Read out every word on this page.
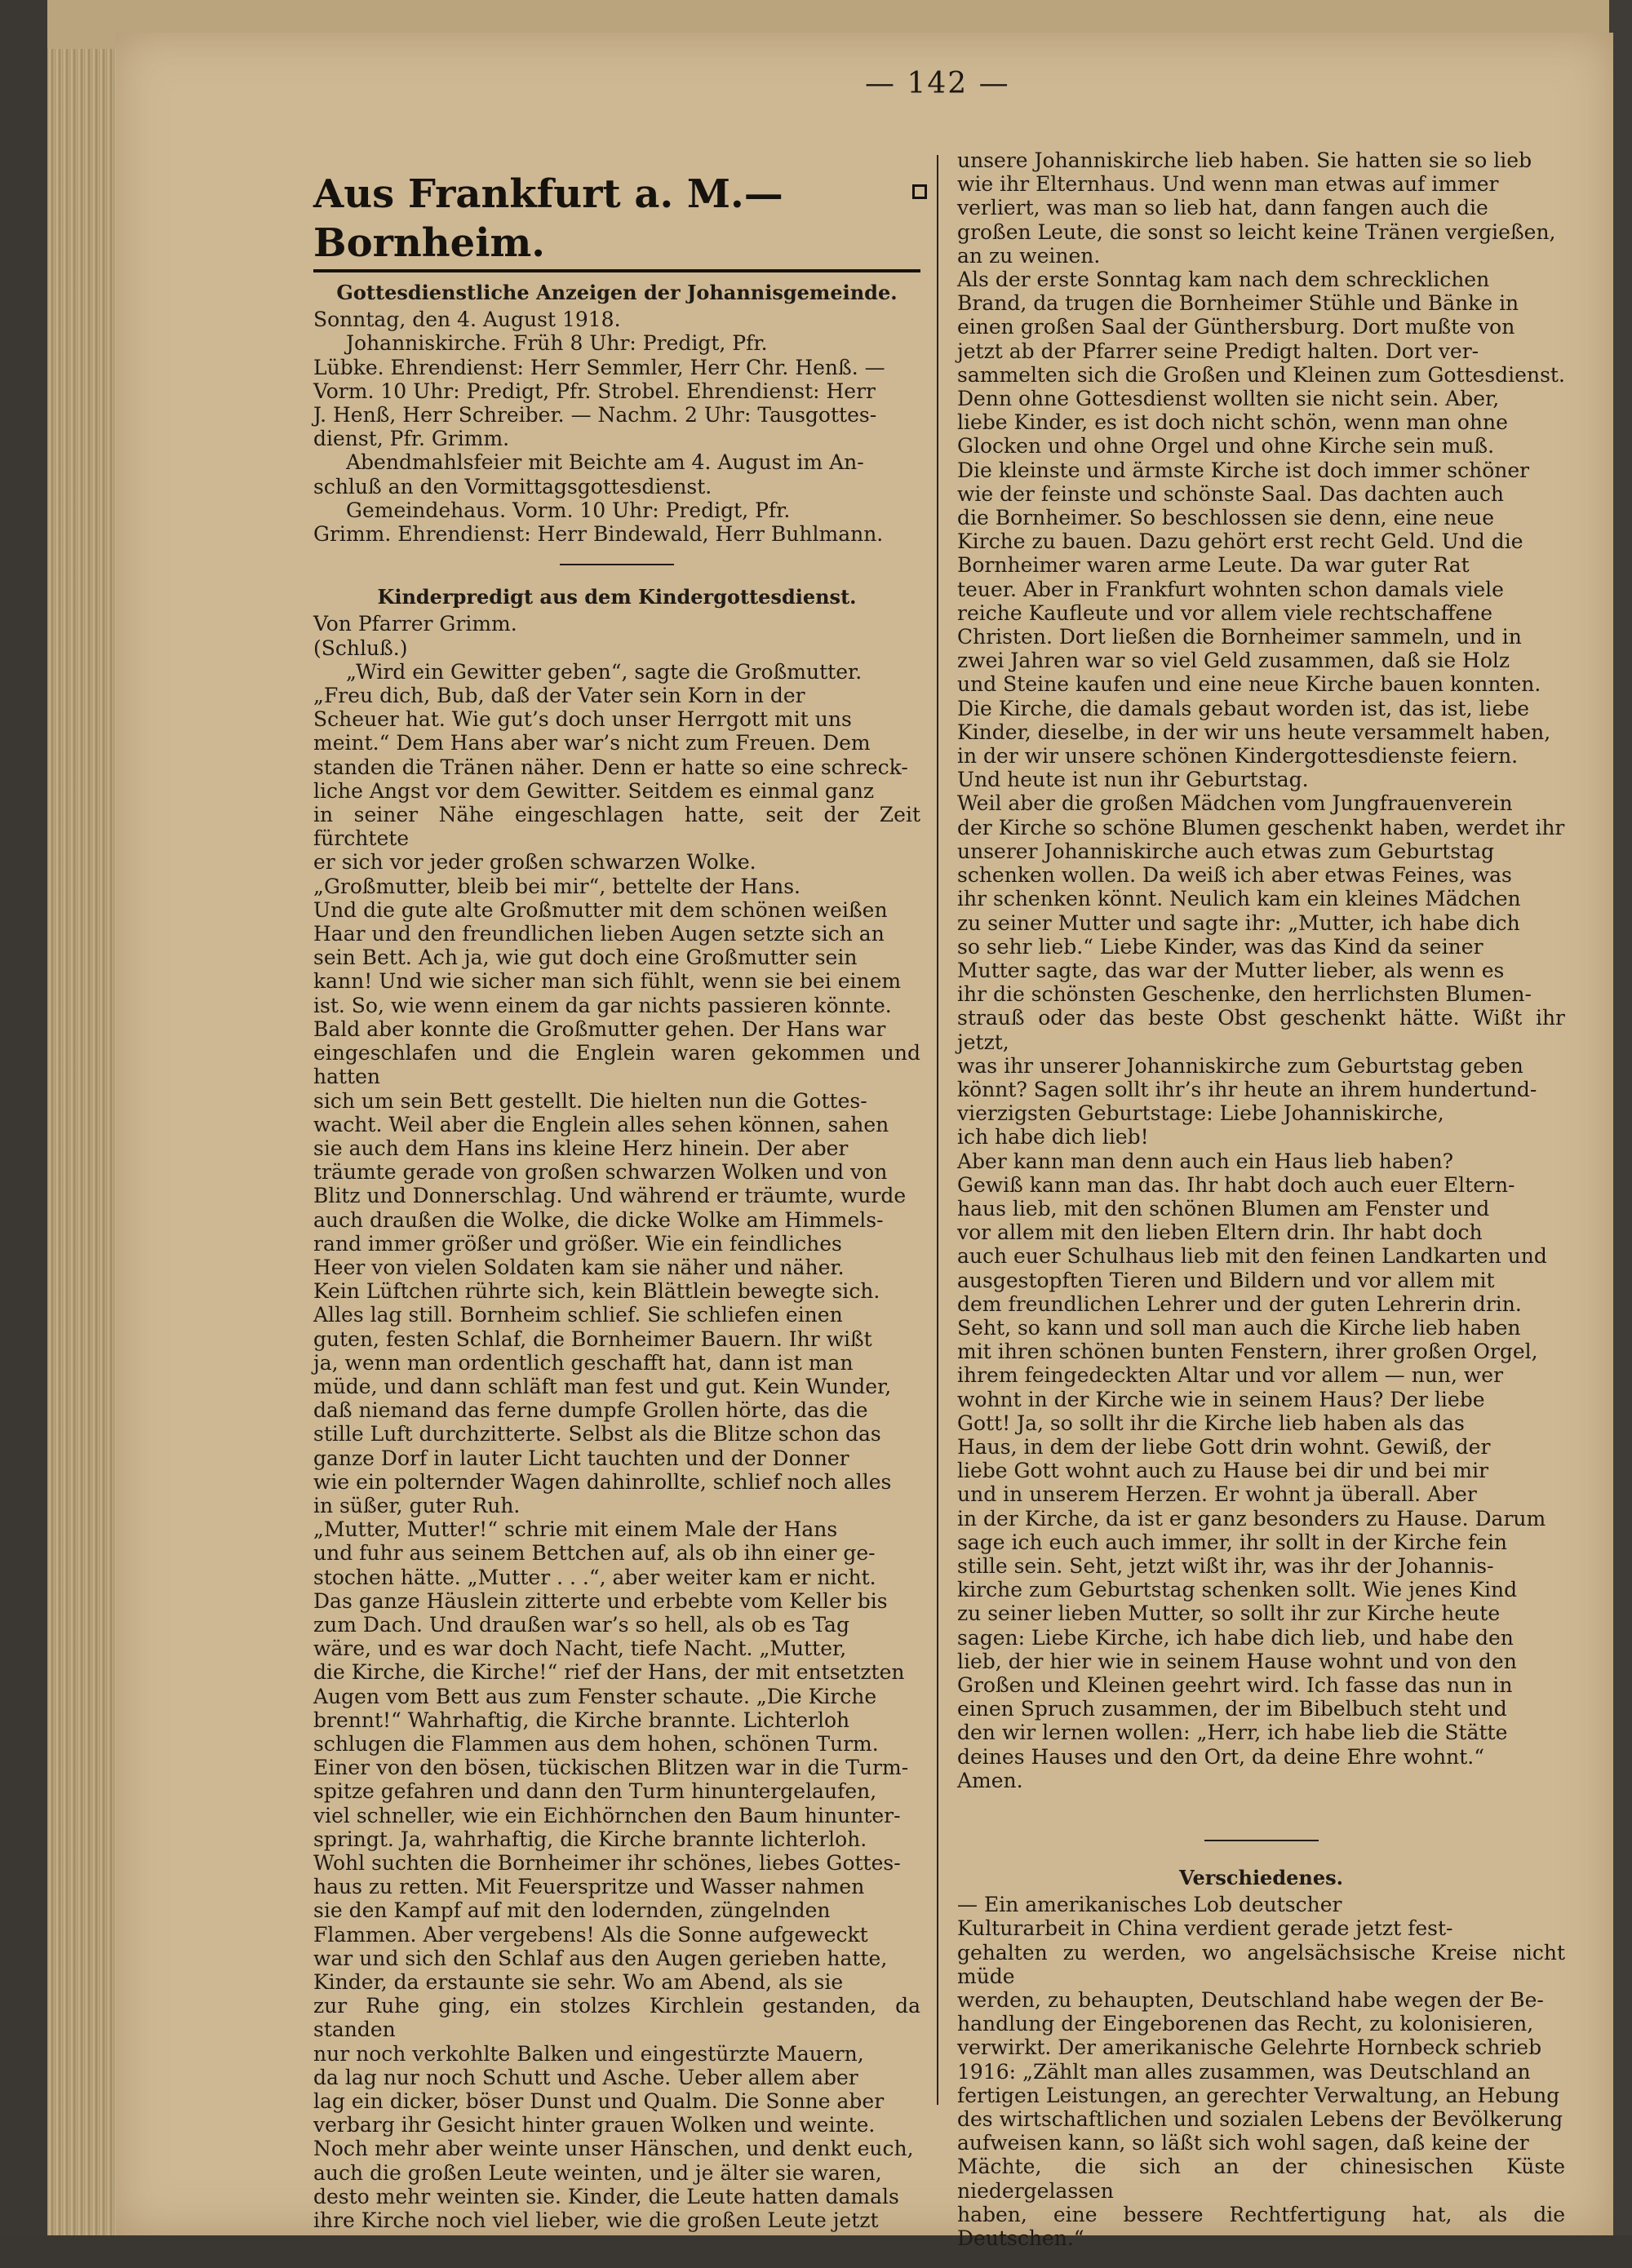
— 142 —
Aus Frankfurt a. M.—Bornheim.
Gottesdienstliche Anzeigen der Johannisgemeinde.

Sonntag, den 4. August 1918.

Johanniskirche. Früh 8 Uhr: Predigt, Pfr.
Lübke. Ehrendienst: Herr Semmler, Herr Chr. Henß. —
Vorm. 10 Uhr: Predigt, Pfr. Strobel. Ehrendienst: Herr
J. Henß, Herr Schreiber. — Nachm. 2 Uhr: Tausgottes-
dienst, Pfr. Grimm.

Abendmahlsfeier mit Beichte am 4. August im An-
schluß an den Vormittagsgottesdienst.

Gemeindehaus. Vorm. 10 Uhr: Predigt, Pfr.
Grimm. Ehrendienst: Herr Bindewald, Herr Buhlmann.

Kinderpredigt aus dem Kindergottesdienst.

Von Pfarrer Grimm.

(Schluß.)

„Wird ein Gewitter geben“, sagte die Großmutter.
„Freu dich, Bub, daß der Vater sein Korn in der
Scheuer hat. Wie gut’s doch unser Herrgott mit uns
meint.“ Dem Hans aber war’s nicht zum Freuen. Dem
standen die Tränen näher. Denn er hatte so eine schreck-
liche Angst vor dem Gewitter. Seitdem es einmal ganz
in seiner Nähe eingeschlagen hatte, seit der Zeit fürchtete
er sich vor jeder großen schwarzen Wolke.
„Großmutter, bleib bei mir“, bettelte der Hans.
Und die gute alte Großmutter mit dem schönen weißen
Haar und den freundlichen lieben Augen setzte sich an
sein Bett. Ach ja, wie gut doch eine Großmutter sein
kann! Und wie sicher man sich fühlt, wenn sie bei einem
ist. So, wie wenn einem da gar nichts passieren könnte.
Bald aber konnte die Großmutter gehen. Der Hans war
eingeschlafen und die Englein waren gekommen und hatten
sich um sein Bett gestellt. Die hielten nun die Gottes-
wacht. Weil aber die Englein alles sehen können, sahen
sie auch dem Hans ins kleine Herz hinein. Der aber
träumte gerade von großen schwarzen Wolken und von
Blitz und Donnerschlag. Und während er träumte, wurde
auch draußen die Wolke, die dicke Wolke am Himmels-
rand immer größer und größer. Wie ein feindliches
Heer von vielen Soldaten kam sie näher und näher.
Kein Lüftchen rührte sich, kein Blättlein bewegte sich.
Alles lag still. Bornheim schlief. Sie schliefen einen
guten, festen Schlaf, die Bornheimer Bauern. Ihr wißt
ja, wenn man ordentlich geschafft hat, dann ist man
müde, und dann schläft man fest und gut. Kein Wunder,
daß niemand das ferne dumpfe Grollen hörte, das die
stille Luft durchzitterte. Selbst als die Blitze schon das
ganze Dorf in lauter Licht tauchten und der Donner
wie ein polternder Wagen dahinrollte, schlief noch alles
in süßer, guter Ruh.
„Mutter, Mutter!“ schrie mit einem Male der Hans
und fuhr aus seinem Bettchen auf, als ob ihn einer ge-
stochen hätte. „Mutter . . .“, aber weiter kam er nicht.
Das ganze Häuslein zitterte und erbebte vom Keller bis
zum Dach. Und draußen war’s so hell, als ob es Tag
wäre, und es war doch Nacht, tiefe Nacht. „Mutter,
die Kirche, die Kirche!“ rief der Hans, der mit entsetzten
Augen vom Bett aus zum Fenster schaute. „Die Kirche
brennt!“ Wahrhaftig, die Kirche brannte. Lichterloh
schlugen die Flammen aus dem hohen, schönen Turm.
Einer von den bösen, tückischen Blitzen war in die Turm-
spitze gefahren und dann den Turm hinuntergelaufen,
viel schneller, wie ein Eichhörnchen den Baum hinunter-
springt. Ja, wahrhaftig, die Kirche brannte lichterloh.
Wohl suchten die Bornheimer ihr schönes, liebes Gottes-
haus zu retten. Mit Feuerspritze und Wasser nahmen
sie den Kampf auf mit den lodernden, züngelnden
Flammen. Aber vergebens! Als die Sonne aufgeweckt
war und sich den Schlaf aus den Augen gerieben hatte,
Kinder, da erstaunte sie sehr. Wo am Abend, als sie
zur Ruhe ging, ein stolzes Kirchlein gestanden, da standen
nur noch verkohlte Balken und eingestürzte Mauern,
da lag nur noch Schutt und Asche. Ueber allem aber
lag ein dicker, böser Dunst und Qualm. Die Sonne aber
verbarg ihr Gesicht hinter grauen Wolken und weinte.
Noch mehr aber weinte unser Hänschen, und denkt euch,
auch die großen Leute weinten, und je älter sie waren,
desto mehr weinten sie. Kinder, die Leute hatten damals
ihre Kirche noch viel lieber, wie die großen Leute jetzt

unsere Johanniskirche lieb haben. Sie hatten sie so lieb
wie ihr Elternhaus. Und wenn man etwas auf immer
verliert, was man so lieb hat, dann fangen auch die
großen Leute, die sonst so leicht keine Tränen vergießen,
an zu weinen.
Als der erste Sonntag kam nach dem schrecklichen
Brand, da trugen die Bornheimer Stühle und Bänke in
einen großen Saal der Günthersburg. Dort mußte von
jetzt ab der Pfarrer seine Predigt halten. Dort ver-
sammelten sich die Großen und Kleinen zum Gottesdienst.
Denn ohne Gottesdienst wollten sie nicht sein. Aber,
liebe Kinder, es ist doch nicht schön, wenn man ohne
Glocken und ohne Orgel und ohne Kirche sein muß.
Die kleinste und ärmste Kirche ist doch immer schöner
wie der feinste und schönste Saal. Das dachten auch
die Bornheimer. So beschlossen sie denn, eine neue
Kirche zu bauen. Dazu gehört erst recht Geld. Und die
Bornheimer waren arme Leute. Da war guter Rat
teuer. Aber in Frankfurt wohnten schon damals viele
reiche Kaufleute und vor allem viele rechtschaffene
Christen. Dort ließen die Bornheimer sammeln, und in
zwei Jahren war so viel Geld zusammen, daß sie Holz
und Steine kaufen und eine neue Kirche bauen konnten.
Die Kirche, die damals gebaut worden ist, das ist, liebe
Kinder, dieselbe, in der wir uns heute versammelt haben,
in der wir unsere schönen Kindergottesdienste feiern.
Und heute ist nun ihr Geburtstag.

Weil aber die großen Mädchen vom Jungfrauenverein
der Kirche so schöne Blumen geschenkt haben, werdet ihr
unserer Johanniskirche auch etwas zum Geburtstag
schenken wollen. Da weiß ich aber etwas Feines, was
ihr schenken könnt. Neulich kam ein kleines Mädchen
zu seiner Mutter und sagte ihr: „Mutter, ich habe dich
so sehr lieb.“ Liebe Kinder, was das Kind da seiner
Mutter sagte, das war der Mutter lieber, als wenn es
ihr die schönsten Geschenke, den herrlichsten Blumen-
strauß oder das beste Obst geschenkt hätte. Wißt ihr jetzt,
was ihr unserer Johanniskirche zum Geburtstag geben
könnt? Sagen sollt ihr’s ihr heute an ihrem hundertund-
vierzigsten Geburtstage: Liebe Johanniskirche,
ich habe dich lieb!

Aber kann man denn auch ein Haus lieb haben?
Gewiß kann man das. Ihr habt doch auch euer Eltern-
haus lieb, mit den schönen Blumen am Fenster und
vor allem mit den lieben Eltern drin. Ihr habt doch
auch euer Schulhaus lieb mit den feinen Landkarten und
ausgestopften Tieren und Bildern und vor allem mit
dem freundlichen Lehrer und der guten Lehrerin drin.
Seht, so kann und soll man auch die Kirche lieb haben
mit ihren schönen bunten Fenstern, ihrer großen Orgel,
ihrem feingedeckten Altar und vor allem — nun, wer
wohnt in der Kirche wie in seinem Haus? Der liebe
Gott! Ja, so sollt ihr die Kirche lieb haben als das
Haus, in dem der liebe Gott drin wohnt. Gewiß, der
liebe Gott wohnt auch zu Hause bei dir und bei mir
und in unserem Herzen. Er wohnt ja überall. Aber
in der Kirche, da ist er ganz besonders zu Hause. Darum
sage ich euch auch immer, ihr sollt in der Kirche fein
stille sein. Seht, jetzt wißt ihr, was ihr der Johannis-
kirche zum Geburtstag schenken sollt. Wie jenes Kind
zu seiner lieben Mutter, so sollt ihr zur Kirche heute
sagen: Liebe Kirche, ich habe dich lieb, und habe den
lieb, der hier wie in seinem Hause wohnt und von den
Großen und Kleinen geehrt wird. Ich fasse das nun in
einen Spruch zusammen, der im Bibelbuch steht und
den wir lernen wollen: „Herr, ich habe lieb die Stätte
deines Hauses und den Ort, da deine Ehre wohnt.“
Amen.

Verschiedenes.

— Ein amerikanisches Lob deutscher
Kulturarbeit in China verdient gerade jetzt fest-
gehalten zu werden, wo angelsächsische Kreise nicht müde
werden, zu behaupten, Deutschland habe wegen der Be-
handlung der Eingeborenen das Recht, zu kolonisieren,
verwirkt. Der amerikanische Gelehrte Hornbeck schrieb
1916: „Zählt man alles zusammen, was Deutschland an
fertigen Leistungen, an gerechter Verwaltung, an Hebung
des wirtschaftlichen und sozialen Lebens der Bevölkerung
aufweisen kann, so läßt sich wohl sagen, daß keine der
Mächte, die sich an der chinesischen Küste niedergelassen
haben, eine bessere Rechtfertigung hat, als die Deutschen.“
